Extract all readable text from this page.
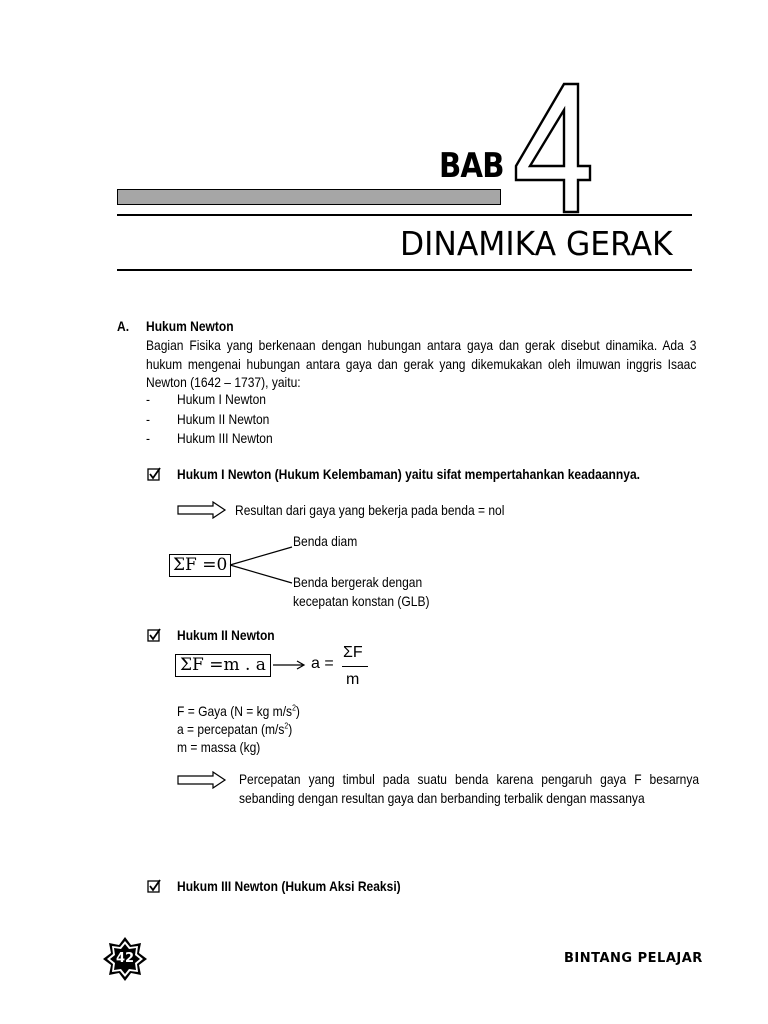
BAB
DINAMIKA GERAK
A. Hukum Newton

Bagian Fisika yang berkenaan dengan hubungan antara gaya dan gerak disebut dinamika. Ada 3 hukum mengenai hubungan antara gaya dan gerak yang dikemukakan oleh ilmuwan inggris Isaac Newton (1642 – 1737), yaitu:

- Hukum I Newton
- Hukum II Newton
- Hukum III Newton
Hukum I Newton (Hukum Kelembaman) yaitu sifat mempertahankan keadaannya.
Resultan dari gaya yang bekerja pada benda = nol
ΣF =0
Benda diam
Benda bergerak dengan
kecepatan konstan (GLB)
Hukum II Newton
ΣF =m . a	a =
ΣF
m
F = Gaya (N = kg $m/s^2$)
a = percepatan $(m/s^2)$
m = massa (kg)
Percepatan yang timbul pada suatu benda karena pengaruh gaya F besarnya sebanding dengan resultan gaya dan berbanding terbalik dengan massanya
Hukum III Newton (Hukum Aksi Reaksi)
42	BINTANG PELAJAR
